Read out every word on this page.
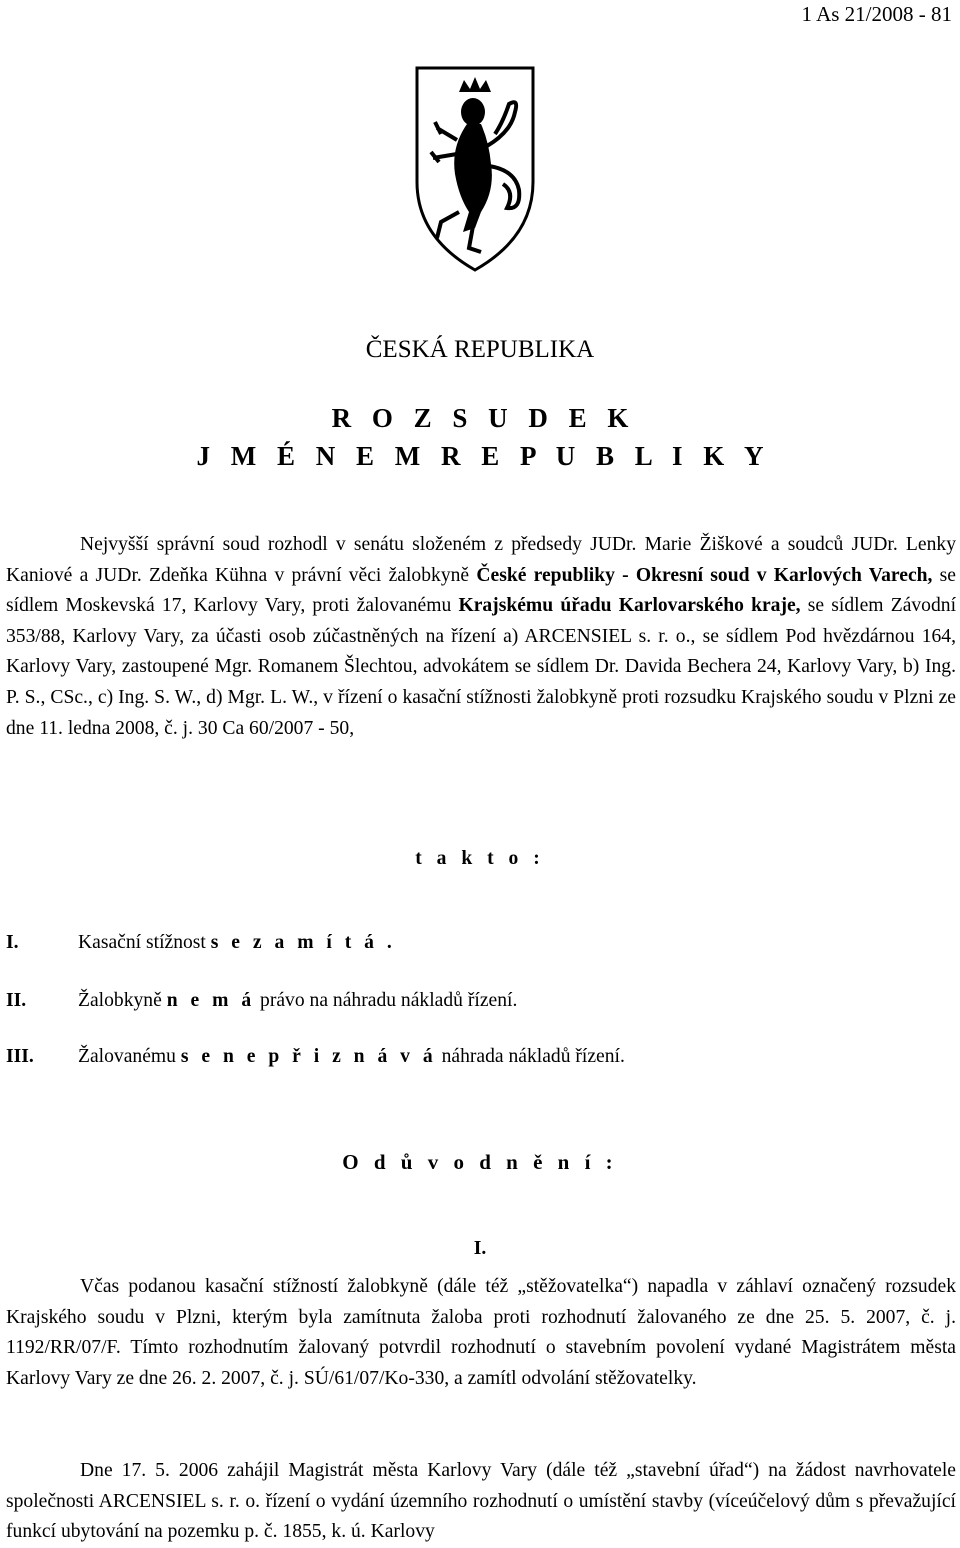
1 As 21/2008 - 81
ČESKÁ REPUBLIKA
R O Z S U D E K
J M É N E M R E P U B L I K Y
Nejvyšší správní soud rozhodl v senátu složeném z předsedy JUDr. Marie Žiškové a soudců JUDr. Lenky Kaniové a JUDr. Zdeňka Kühna v právní věci žalobkyně České republiky - Okresní soud v Karlových Varech, se sídlem Moskevská 17, Karlovy Vary, proti žalovanému Krajskému úřadu Karlovarského kraje, se sídlem Závodní 353/88, Karlovy Vary, za účasti osob zúčastněných na řízení a) ARCENSIEL s. r. o., se sídlem Pod hvězdárnou 164, Karlovy Vary, zastoupené Mgr. Romanem Šlechtou, advokátem se sídlem Dr. Davida Bechera 24, Karlovy Vary, b) Ing. P. S., CSc., c) Ing. S. W., d) Mgr. L. W., v řízení o kasační stížnosti žalobkyně proti rozsudku Krajského soudu v Plzni ze dne 11. ledna 2008, č. j. 30 Ca 60/2007 - 50,
t a k t o :
I.	Kasační stížnost s e z a m í t á .
II.	Žalobkyně n e m á právo na náhradu nákladů řízení.
III. Žalovanému s e n e p ř i z n á v á náhrada nákladů řízení.
O d ů v o d n ě n í :
I.
Včas podanou kasační stížností žalobkyně (dále též „stěžovatelka“) napadla v záhlaví označený rozsudek Krajského soudu v Plzni, kterým byla zamítnuta žaloba proti rozhodnutí žalovaného ze dne 25. 5. 2007, č. j. 1192/RR/07/F. Tímto rozhodnutím žalovaný potvrdil rozhodnutí o stavebním povolení vydané Magistrátem města Karlovy Vary ze dne 26. 2. 2007, č. j. SÚ/61/07/Ko-330, a zamítl odvolání stěžovatelky.
Dne 17. 5. 2006 zahájil Magistrát města Karlovy Vary (dále též „stavební úřad“) na žádost navrhovatele společnosti ARCENSIEL s. r. o. řízení o vydání územního rozhodnutí o umístění stavby (víceúčelový dům s převažující funkcí ubytování na pozemku p. č. 1855, k. ú. Karlovy
